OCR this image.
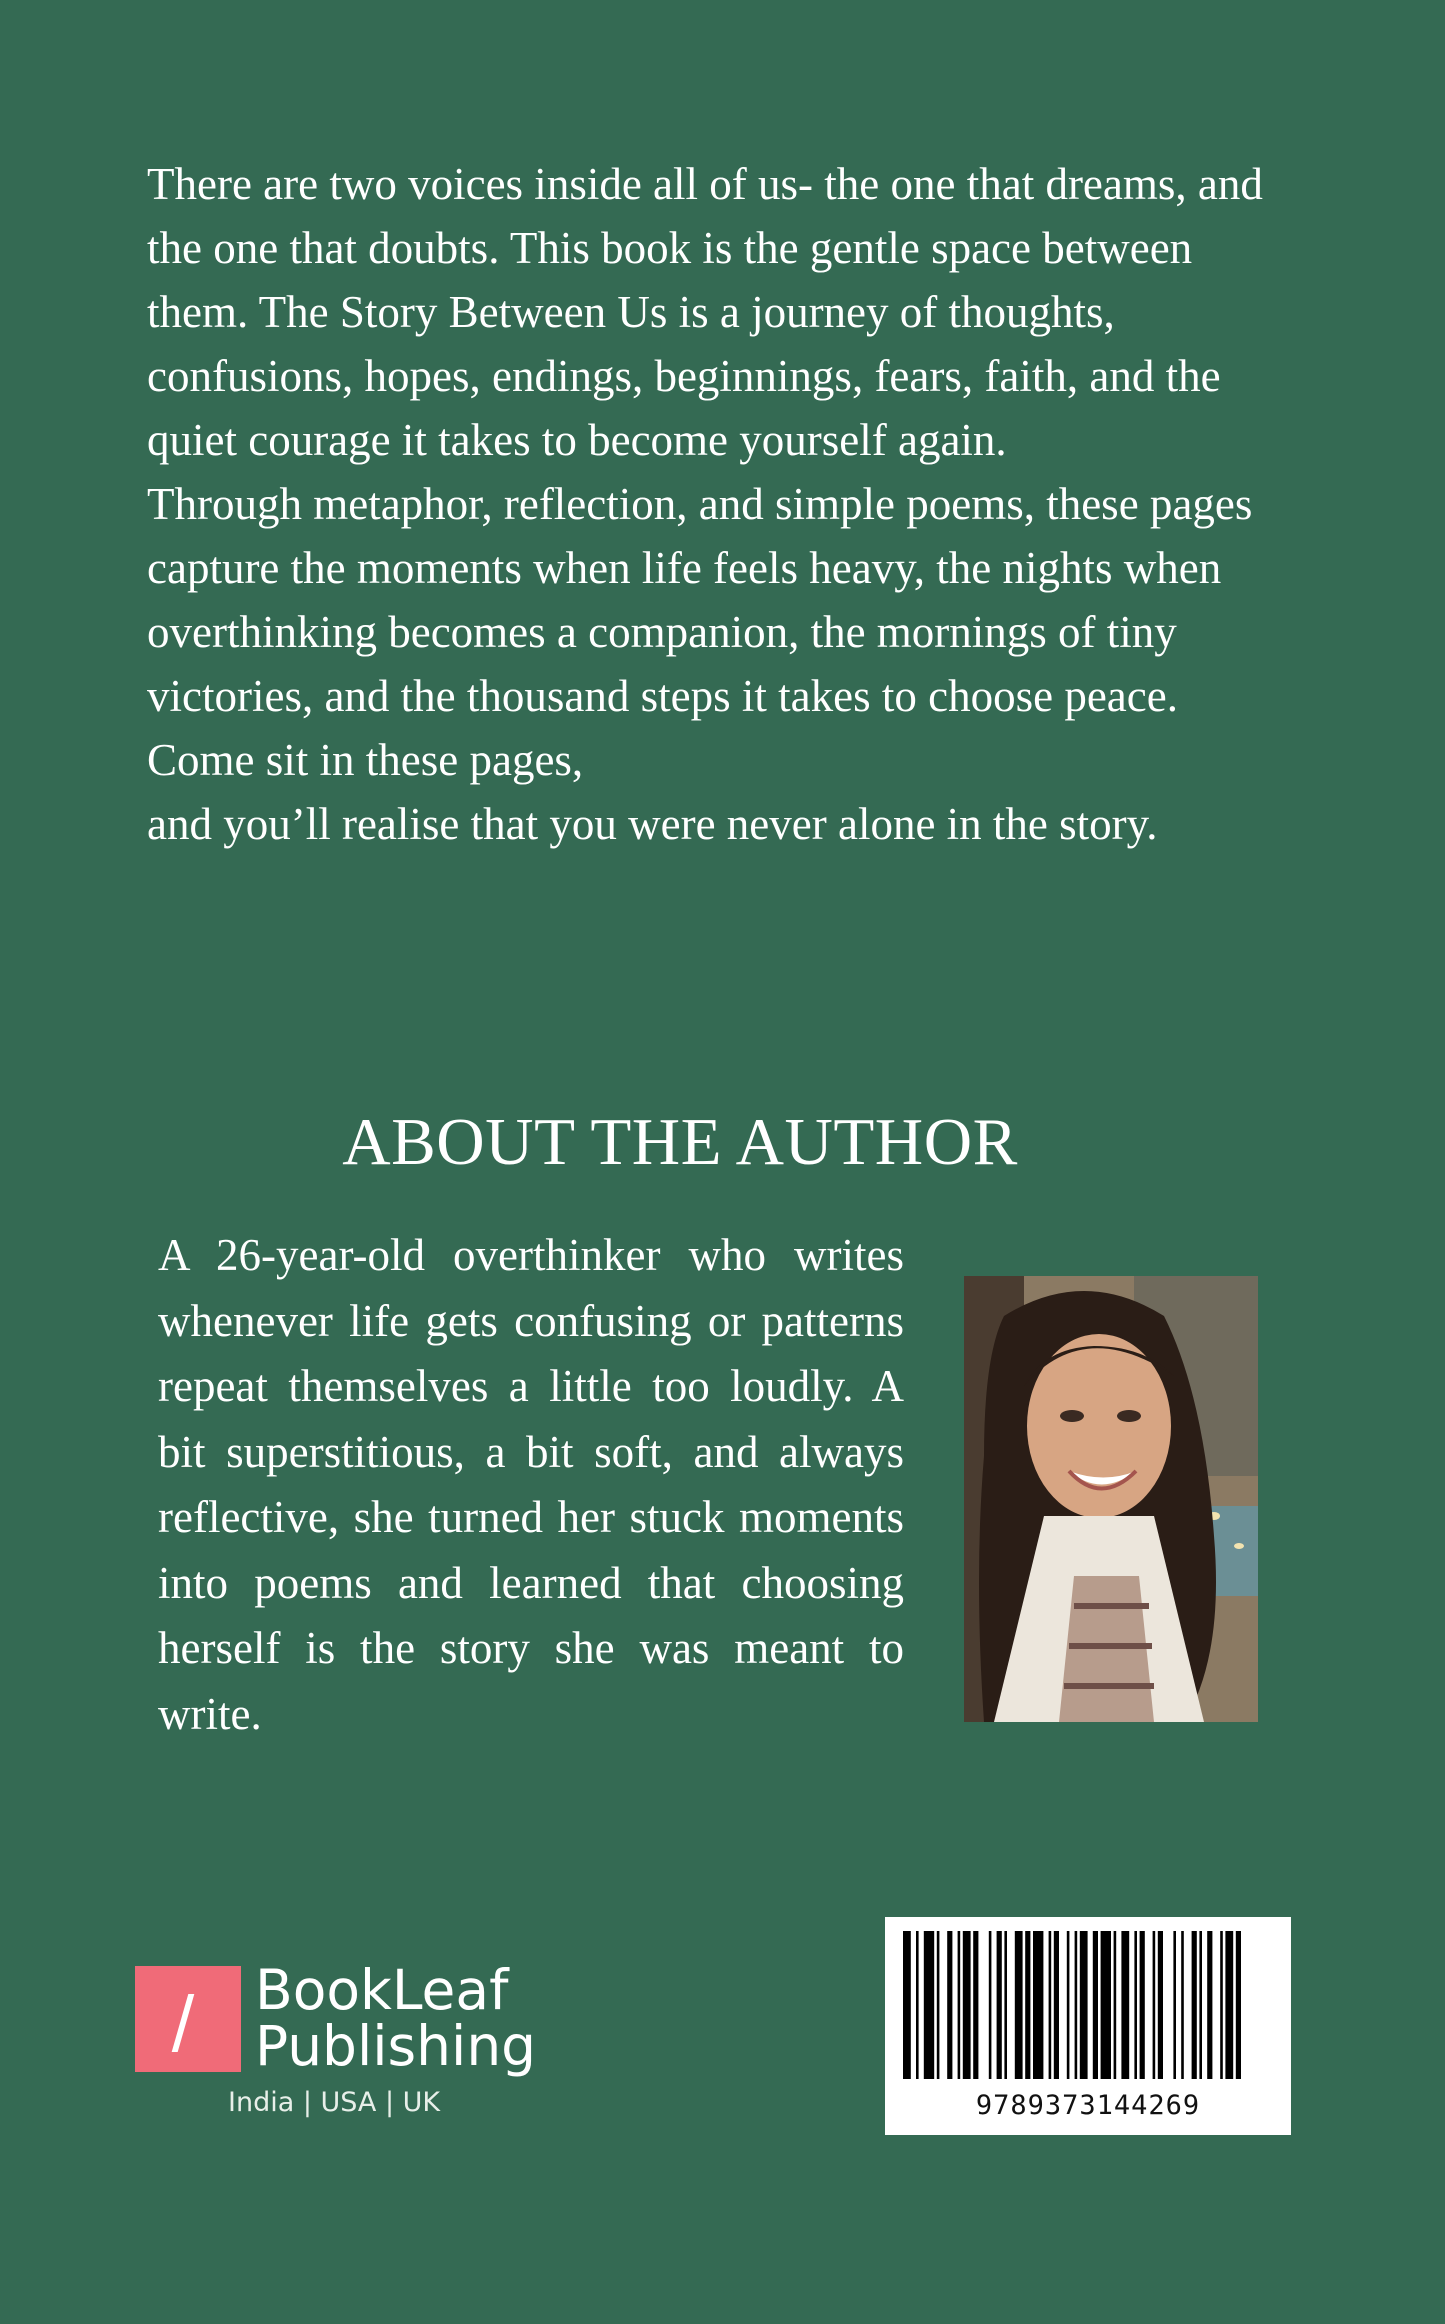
There are two voices inside all of us- the one that dreams, and the one that doubts. This book is the gentle space between them. The Story Between Us is a journey of thoughts, confusions, hopes, endings, beginnings, fears, faith, and the quiet courage it takes to become yourself again.

Through metaphor, reflection, and simple poems, these pages capture the moments when life feels heavy, the nights when overthinking becomes a companion, the mornings of tiny victories, and the thousand steps it takes to choose peace.

Come sit in these pages,

and you’ll realise that you were never alone in the story.

ABOUT THE AUTHOR
A 26-year-old overthinker who writes whenever life gets confusing or patterns repeat themselves a little too loudly. A bit superstitious, a bit soft, and always reflective, she turned her stuck moments into poems and learned that choosing herself is the story she was meant to write.
BookLeaf
Publishing
India | USA | UK	9789373144269
